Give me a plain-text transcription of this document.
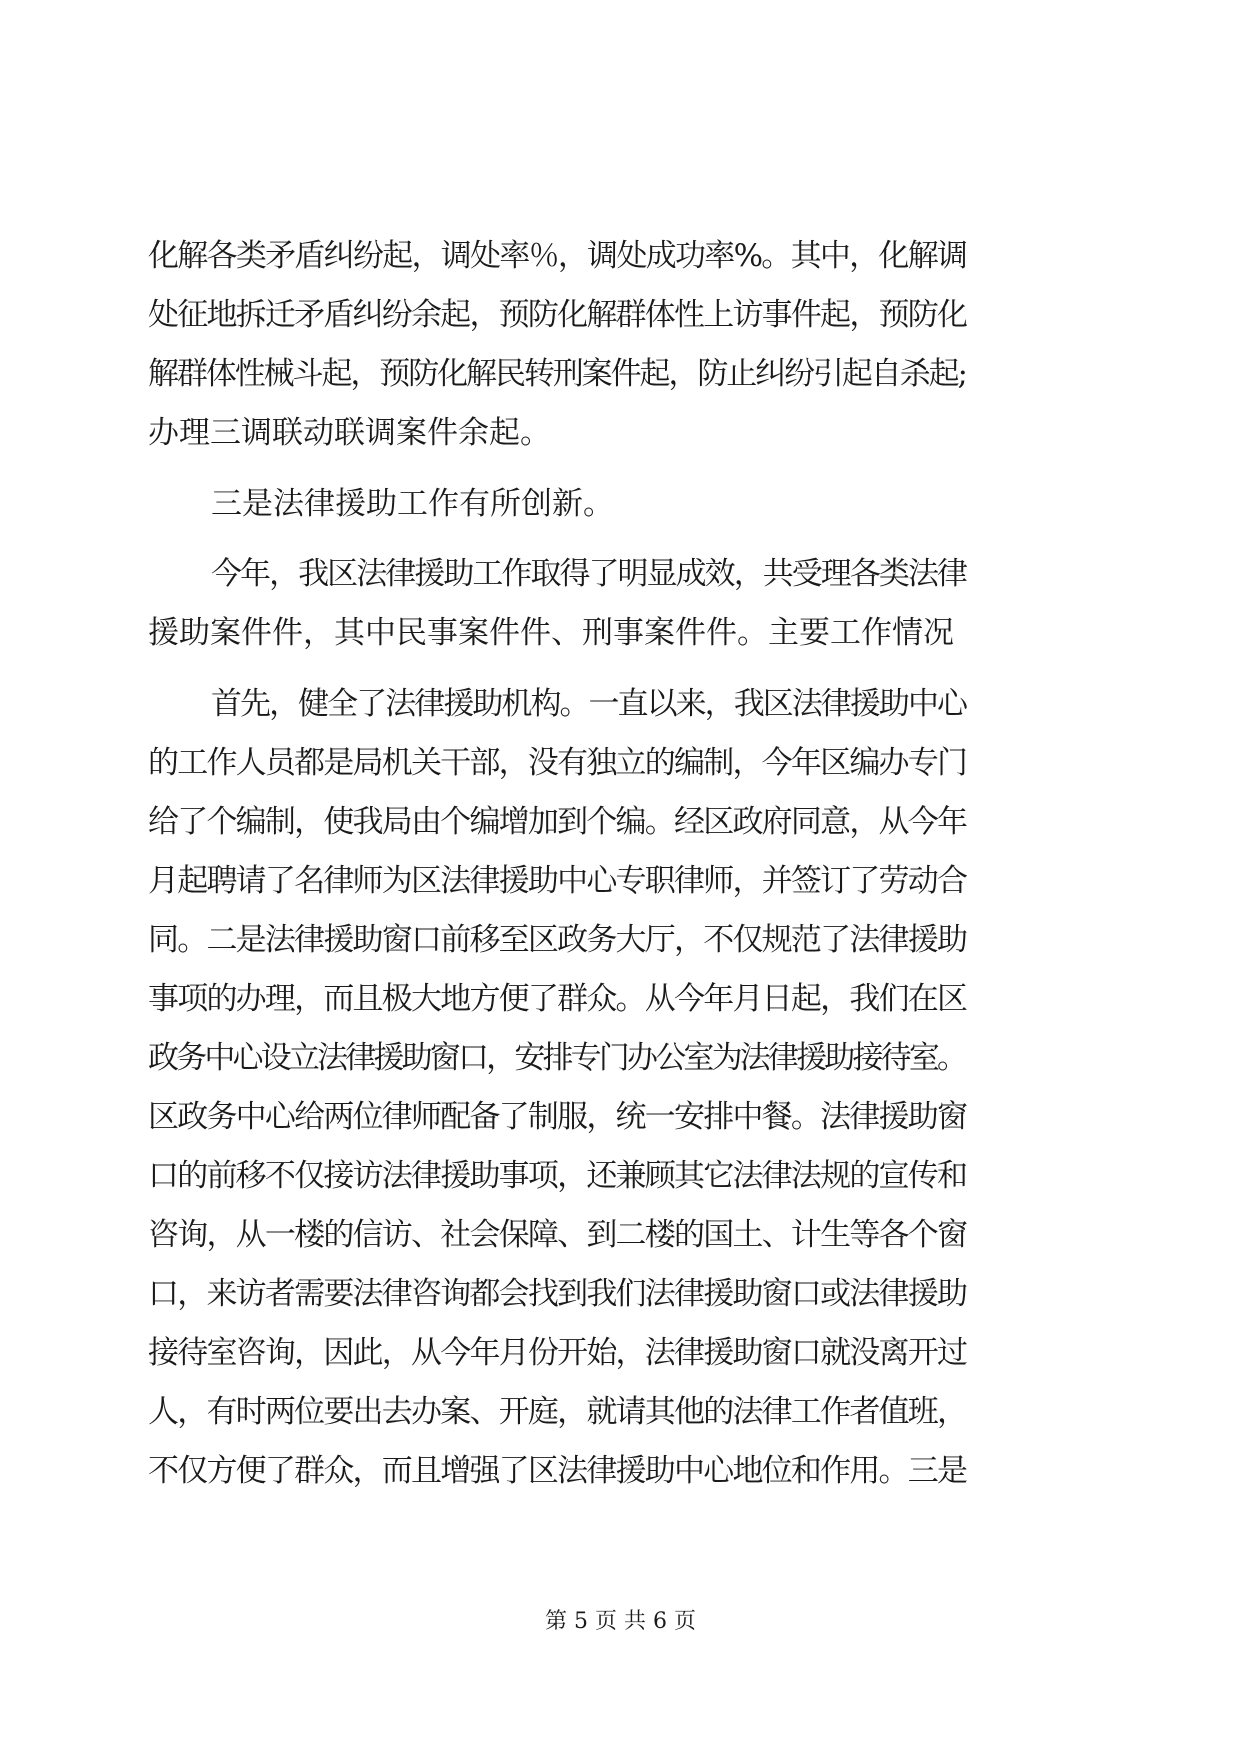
化解各类矛盾纠纷起，调处率％，调处成功率%。其中，化解调
处征地拆迁矛盾纠纷余起，预防化解群体性上访事件起，预防化
解群体性械斗起，预防化解民转刑案件起，防止纠纷引起自杀起;
办理三调联动联调案件余起。
三是法律援助工作有所创新。
今年，我区法律援助工作取得了明显成效，共受理各类法律
援助案件件，其中民事案件件、刑事案件件。主要工作情况
首先，健全了法律援助机构。一直以来，我区法律援助中心
的工作人员都是局机关干部，没有独立的编制，今年区编办专门
给了个编制，使我局由个编增加到个编。经区政府同意，从今年
月起聘请了名律师为区法律援助中心专职律师，并签订了劳动合
同。二是法律援助窗口前移至区政务大厅，不仅规范了法律援助
事项的办理，而且极大地方便了群众。从今年月日起，我们在区
政务中心设立法律援助窗口，安排专门办公室为法律援助接待室。
区政务中心给两位律师配备了制服，统一安排中餐。法律援助窗
口的前移不仅接访法律援助事项，还兼顾其它法律法规的宣传和
咨询，从一楼的信访、社会保障、到二楼的国土、计生等各个窗
口，来访者需要法律咨询都会找到我们法律援助窗口或法律援助
接待室咨询，因此，从今年月份开始，法律援助窗口就没离开过
人，有时两位要出去办案、开庭，就请其他的法律工作者值班，
不仅方便了群众，而且增强了区法律援助中心地位和作用。三是
第 5 页 共 6 页
